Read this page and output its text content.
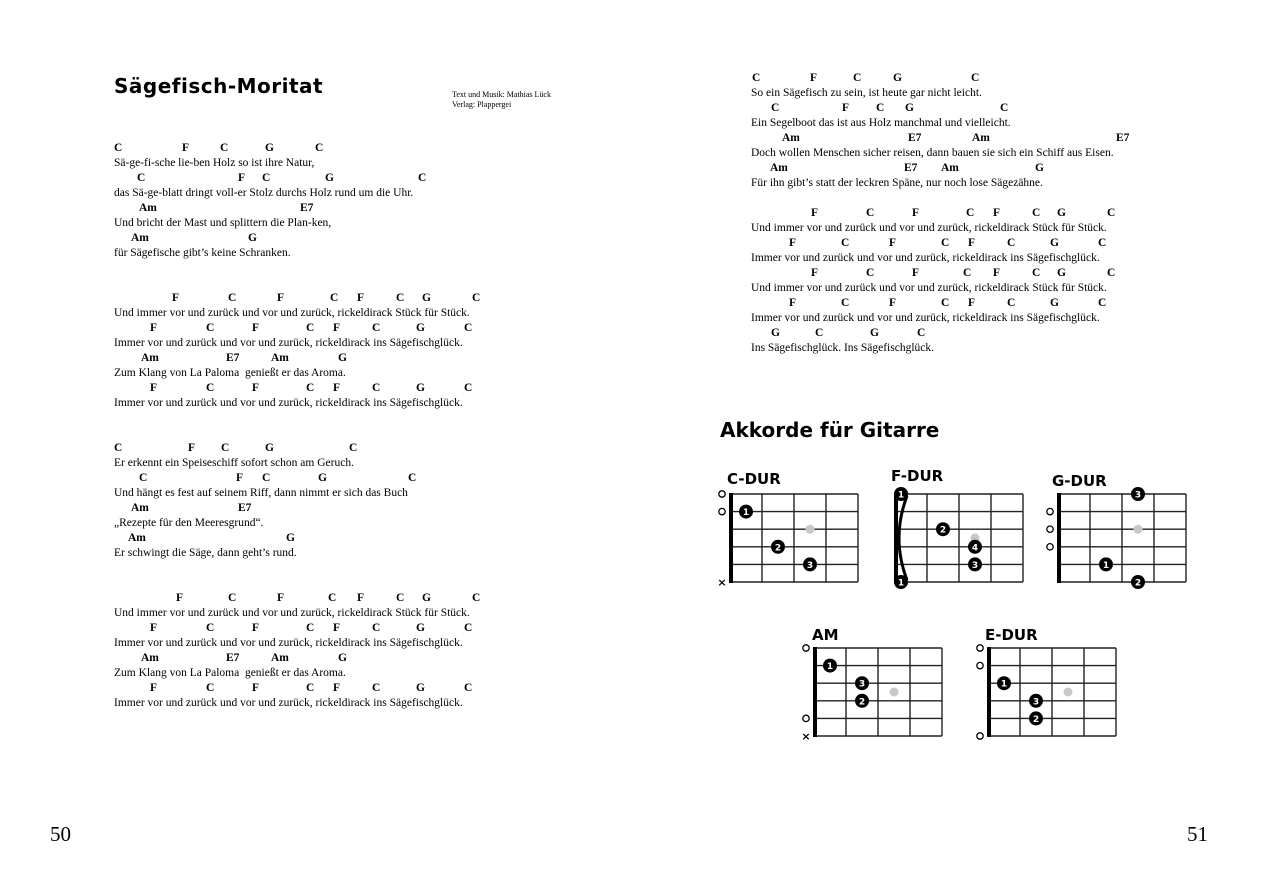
Sägefisch-Moritat	Text und Musik: Mathias Lück
Verlag: Plappergei
C	F	C	G	C
Sä-ge-fi-sche lie-ben Holz so ist ihre Natur,
C	F C	G	C
das Sä-ge-blatt dringt voll-er Stolz durchs Holz rund um die Uhr.
Am	E7
Und bricht der Mast und splittern die Plan-ken,
Am	G
für Sägefische gibt’s keine Schranken.
F	C	F	C F	C G	C
Und immer vor und zurück und vor und zurück, rickeldirack Stück für Stück.
F	C	F	C F	C	G	C
Immer vor und zurück und vor und zurück, rickeldirack ins Sägefischglück.
Am	E7	Am	G
Zum Klang von La Paloma  genießt er das Aroma.
F	C	F	C F	C	G	C
Immer vor und zurück und vor und zurück, rickeldirack ins Sägefischglück.
C	F C	G	C
Er erkennt ein Speiseschiff sofort schon am Geruch.
C	F C	G	C
Und hängt es fest auf seinem Riff, dann nimmt er sich das Buch
Am	E7
„Rezepte für den Meeresgrund“.
Am	G
Er schwingt die Säge, dann geht’s rund.
F	C	F	C F	C G	C
Und immer vor und zurück und vor und zurück, rickeldirack Stück für Stück.
F	C	F	C F	C	G	C
Immer vor und zurück und vor und zurück, rickeldirack ins Sägefischglück.
Am	E7	Am	G
Zum Klang von La Paloma  genießt er das Aroma.
F	C	F	C F	C	G	C
Immer vor und zurück und vor und zurück, rickeldirack ins Sägefischglück.
C	F	C	G	C
So ein Sägefisch zu sein, ist heute gar nicht leicht.
C	F C G	C
Ein Segelboot das ist aus Holz manchmal und vielleicht.
Am	E7	Am	E7
Doch wollen Menschen sicher reisen, dann bauen sie sich ein Schiff aus Eisen.
Am	E7 Am	G
Für ihn gibt’s statt der leckren Späne, nur noch lose Sägezähne.
F	C	F	C F	C G	C
Und immer vor und zurück und vor und zurück, rickeldirack Stück für Stück.
F	C	F	C F	C	G	C
Immer vor und zurück und vor und zurück, rickeldirack ins Sägefischglück.
F	C	F	C F	C G	C
Und immer vor und zurück und vor und zurück, rickeldirack Stück für Stück.
F	C	F	C F	C	G	C
Immer vor und zurück und vor und zurück, rickeldirack ins Sägefischglück.
G	C	G	C
Ins Sägefischglück. Ins Sägefischglück.
50	51
Akkorde für Gitarre
C-DUR
×
1
2
3
F-DUR
1
2
4
3
1
G-DUR
3
1
2
AM
×
1
3
2
E-DUR
1
3
2
